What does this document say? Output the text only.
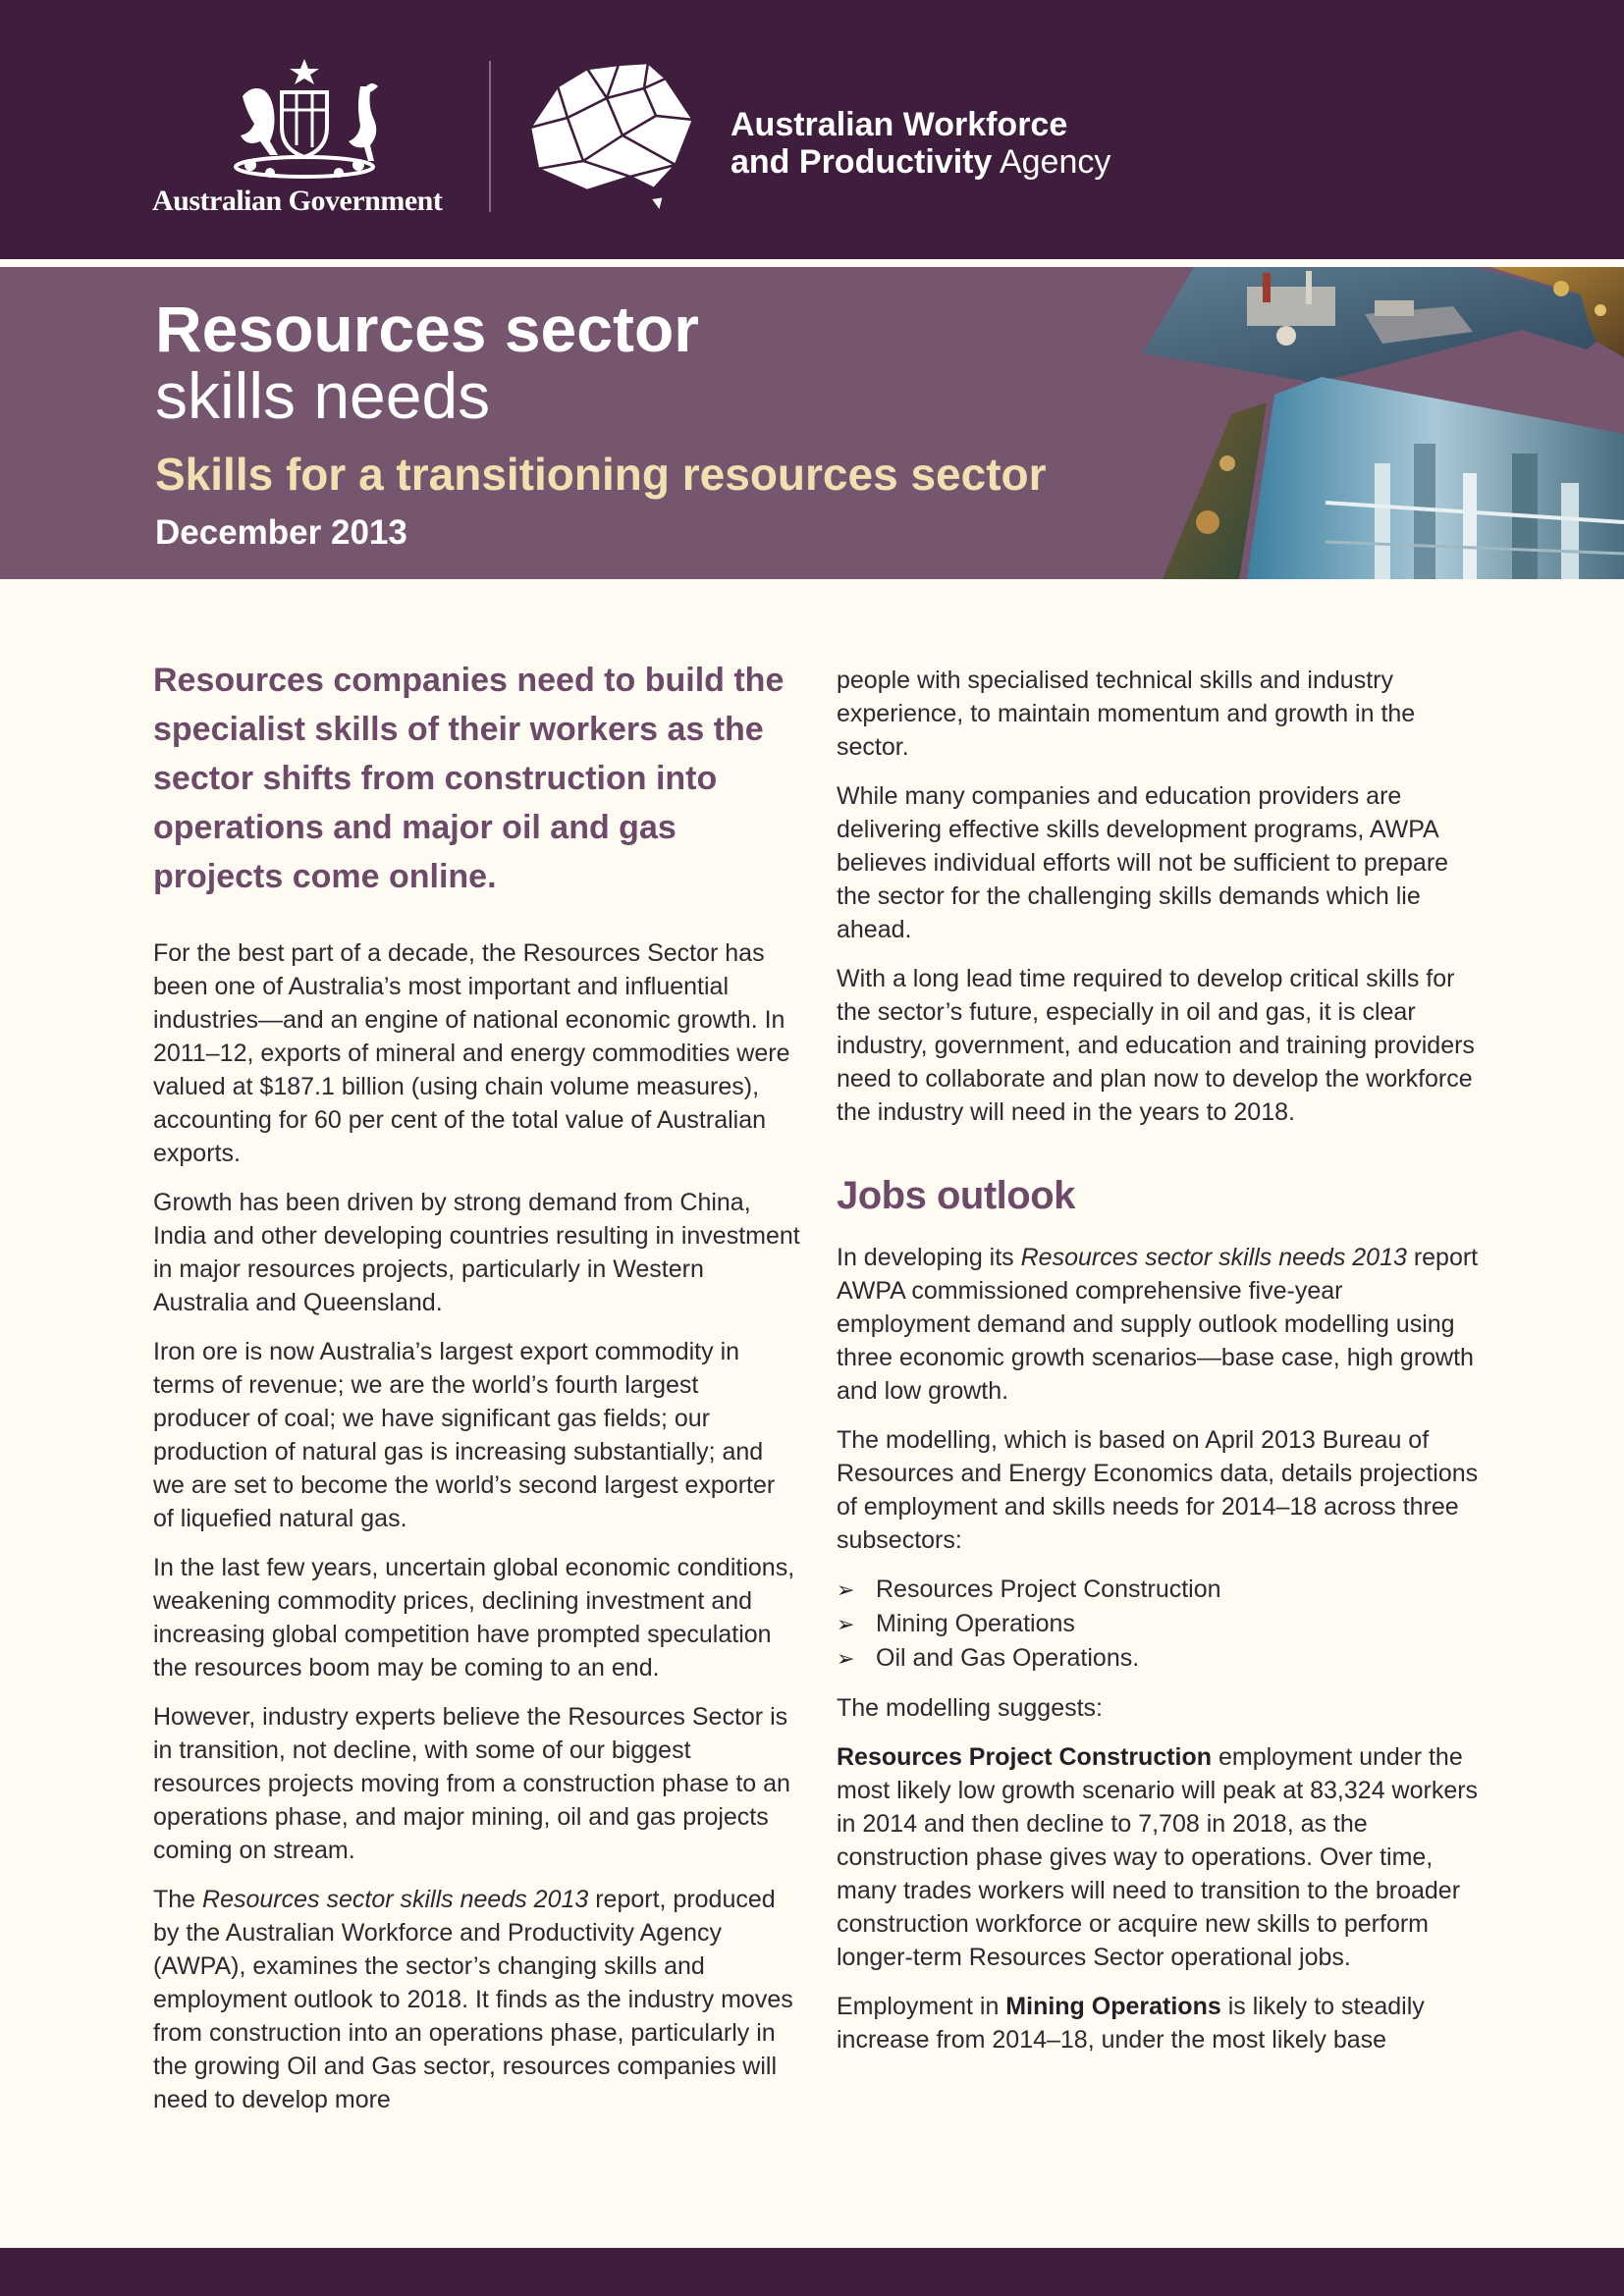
Australian Government
Australian Workforce
and Productivity Agency
Resources sector
skills needs
Skills for a transitioning resources sector
December 2013

Resources companies need to build the specialist skills of their workers as the sector shifts from construction into operations and major oil and gas projects come online.

For the best part of a decade, the Resources Sector has been one of Australia’s most important and influential industries—and an engine of national economic growth. In 2011–12, exports of mineral and energy commodities were valued at $187.1 billion (using chain volume measures), accounting for 60 per cent of the total value of Australian exports.

Growth has been driven by strong demand from China, India and other developing countries resulting in investment in major resources projects, particularly in Western Australia and Queensland.

Iron ore is now Australia’s largest export commodity in terms of revenue; we are the world’s fourth largest producer of coal; we have significant gas fields; our production of natural gas is increasing substantially; and we are set to become the world’s second largest exporter of liquefied natural gas.

In the last few years, uncertain global economic conditions, weakening commodity prices, declining investment and increasing global competition have prompted speculation the resources boom may be coming to an end.

However, industry experts believe the Resources Sector is in transition, not decline, with some of our biggest resources projects moving from a construction phase to an operations phase, and major mining, oil and gas projects coming on stream.

The Resources sector skills needs 2013 report, produced by the Australian Workforce and Productivity Agency (AWPA), examines the sector’s changing skills and employment outlook to 2018. It finds as the industry moves from construction into an operations phase, particularly in the growing Oil and Gas sector, resources companies will need to develop more

people with specialised technical skills and industry experience, to maintain momentum and growth in the sector.

While many companies and education providers are delivering effective skills development programs, AWPA believes individual efforts will not be sufficient to prepare the sector for the challenging skills demands which lie ahead.

With a long lead time required to develop critical skills for the sector’s future, especially in oil and gas, it is clear industry, government, and education and training providers need to collaborate and plan now to develop the workforce the industry will need in the years to 2018.

Jobs outlook

In developing its Resources sector skills needs 2013 report AWPA commissioned comprehensive five-year employment demand and supply outlook modelling using three economic growth scenarios—base case, high growth and low growth.

The modelling, which is based on April 2013 Bureau of Resources and Energy Economics data, details projections of employment and skills needs for 2014–18 across three subsectors:

➢ Resources Project Construction
➢ Mining Operations
➢ Oil and Gas Operations.

The modelling suggests:

Resources Project Construction employment under the most likely low growth scenario will peak at 83,324 workers in 2014 and then decline to 7,708 in 2018, as the construction phase gives way to operations. Over time, many trades workers will need to transition to the broader construction workforce or acquire new skills to perform longer-term Resources Sector operational jobs.

Employment in Mining Operations is likely to steadily increase from 2014–18, under the most likely base
